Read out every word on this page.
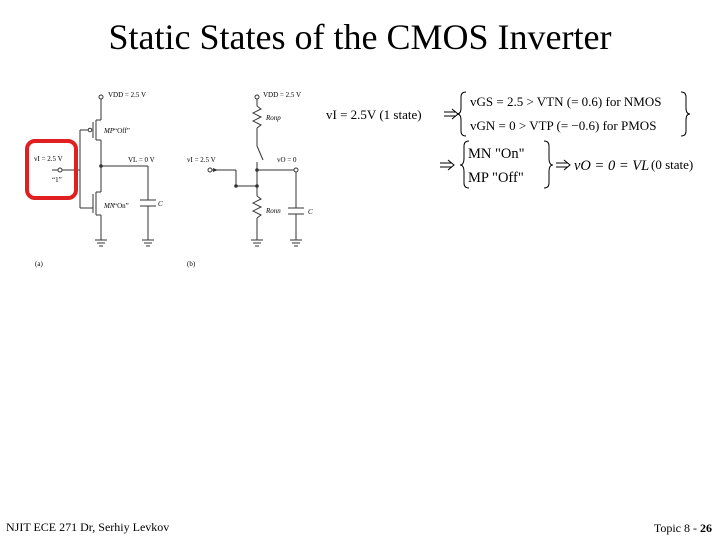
Static States of the CMOS Inverter
VDD = 2.5 V
MP “Off”
vI = 2.5 V
“1”
VL = 0 V
MN “On”	C
(a)
VDD = 2.5 V
Ronp
vI = 2.5 V	vO = 0
Ronn	C
(b)
vI = 2.5V (1 state)
vGS = 2.5 > VTN (= 0.6) for NMOS
vGN = 0 > VTP (= −0.6) for PMOS
MN "On"
MP "Off"
vO = 0 = VL (0 state)
NJIT ECE 271 Dr, Serhiy Levkov	Topic 8 - 26
